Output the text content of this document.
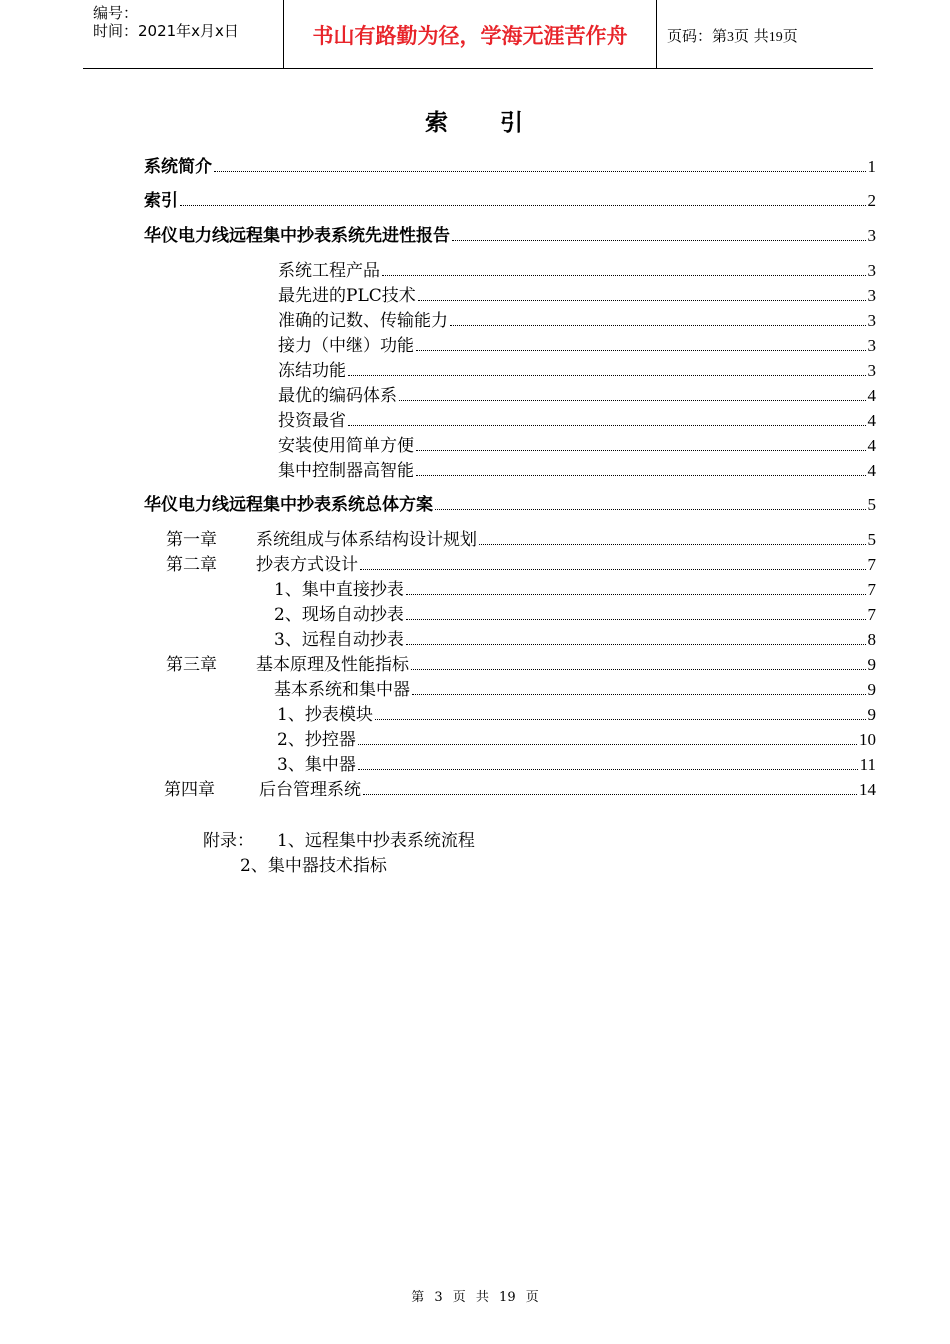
编号：
时间：2021年x月x日	书山有路勤为径，学海无涯苦作舟	页码：第3页 共19页
索 引
系统简介	1
索引	2
华仪电力线远程集中抄表系统先进性报告	3
系统工程产品	3
最先进的PLC技术	3
准确的记数、传输能力	3
接力（中继）功能	3
冻结功能	3
最优的编码体系	4
投资最省	4
安装使用简单方便	4
集中控制器高智能	4
华仪电力线远程集中抄表系统总体方案	5
第一章 系统组成与体系结构设计规划	5
第二章 抄表方式设计	7
1、集中直接抄表	7
2、现场自动抄表	7
3、远程自动抄表	8
第三章 基本原理及性能指标	9
基本系统和集中器	9
1、抄表模块	9
2、抄控器	10
3、集中器	11
第四章	后台管理系统	14
附录： 1、远程集中抄表系统流程
2、集中器技术指标
第 3 页 共 19 页
